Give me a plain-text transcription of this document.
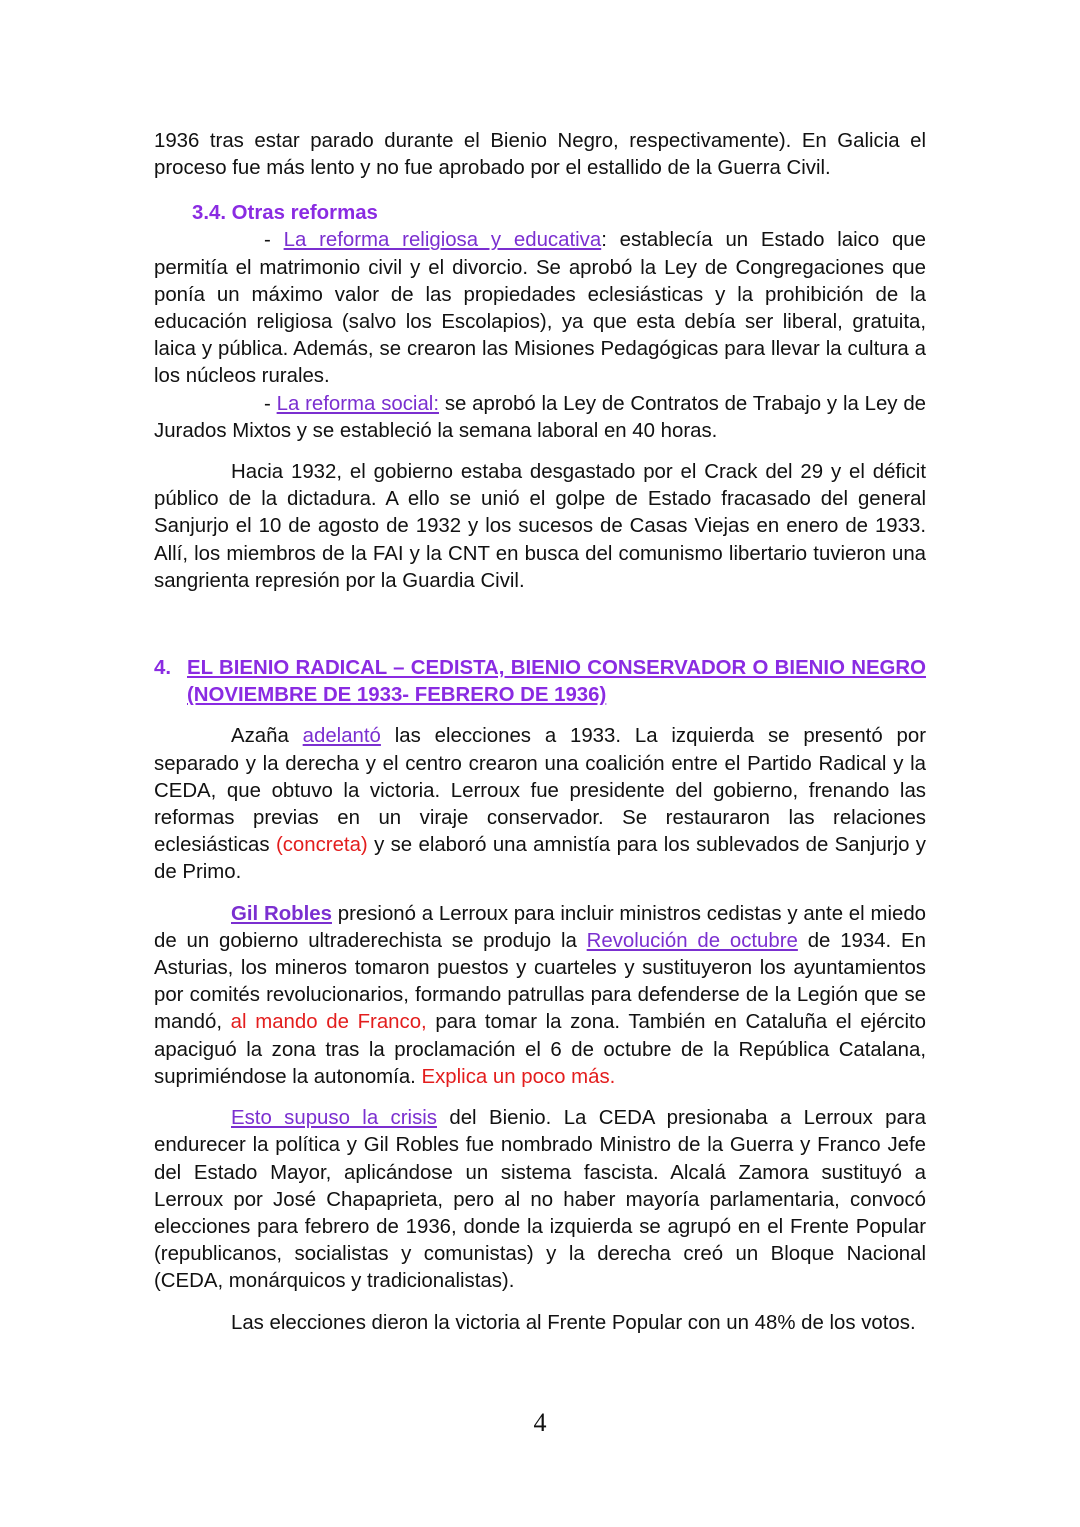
1936 tras estar parado durante el Bienio Negro, respectivamente). En Galicia el proceso fue más lento y no fue aprobado por el estallido de la Guerra Civil.

3.4. Otras reformas

- La reforma religiosa y educativa: establecía un Estado laico que permitía el matrimonio civil y el divorcio. Se aprobó la Ley de Congregaciones que ponía un máximo valor de las propiedades eclesiásticas y la prohibición de la educación religiosa (salvo los Escolapios), ya que esta debía ser liberal, gratuita, laica y pública. Además, se crearon las Misiones Pedagógicas para llevar la cultura a los núcleos rurales.

- La reforma social: se aprobó la Ley de Contratos de Trabajo y la Ley de Jurados Mixtos y se estableció la semana laboral en 40 horas.

Hacia 1932, el gobierno estaba desgastado por el Crack del 29 y el déficit público de la dictadura. A ello se unió el golpe de Estado fracasado del general Sanjurjo el 10 de agosto de 1932 y los sucesos de Casas Viejas en enero de 1933. Allí, los miembros de la FAI y la CNT en busca del comunismo libertario tuvieron una sangrienta represión por la Guardia Civil.

4. EL BIENIO RADICAL – CEDISTA, BIENIO CONSERVADOR O BIENIO NEGRO (NOVIEMBRE DE 1933- FEBRERO DE 1936)

Azaña adelantó las elecciones a 1933. La izquierda se presentó por separado y la derecha y el centro crearon una coalición entre el Partido Radical y la CEDA, que obtuvo la victoria. Lerroux fue presidente del gobierno, frenando las reformas previas en un viraje conservador. Se restauraron las relaciones eclesiásticas (concreta) y se elaboró una amnistía para los sublevados de Sanjurjo y de Primo.

Gil Robles presionó a Lerroux para incluir ministros cedistas y ante el miedo de un gobierno ultraderechista se produjo la Revolución de octubre de 1934. En Asturias, los mineros tomaron puestos y cuarteles y sustituyeron los ayuntamientos por comités revolucionarios, formando patrullas para defenderse de la Legión que se mandó, al mando de Franco, para tomar la zona. También en Cataluña el ejército apaciguó la zona tras la proclamación el 6 de octubre de la República Catalana, suprimiéndose la autonomía. Explica un poco más.

Esto supuso la crisis del Bienio. La CEDA presionaba a Lerroux para endurecer la política y Gil Robles fue nombrado Ministro de la Guerra y Franco Jefe del Estado Mayor, aplicándose un sistema fascista. Alcalá Zamora sustituyó a Lerroux por José Chapaprieta, pero al no haber mayoría parlamentaria, convocó elecciones para febrero de 1936, donde la izquierda se agrupó en el Frente Popular (republicanos, socialistas y comunistas) y la derecha creó un Bloque Nacional (CEDA, monárquicos y tradicionalistas).

Las elecciones dieron la victoria al Frente Popular con un 48% de los votos.

4
